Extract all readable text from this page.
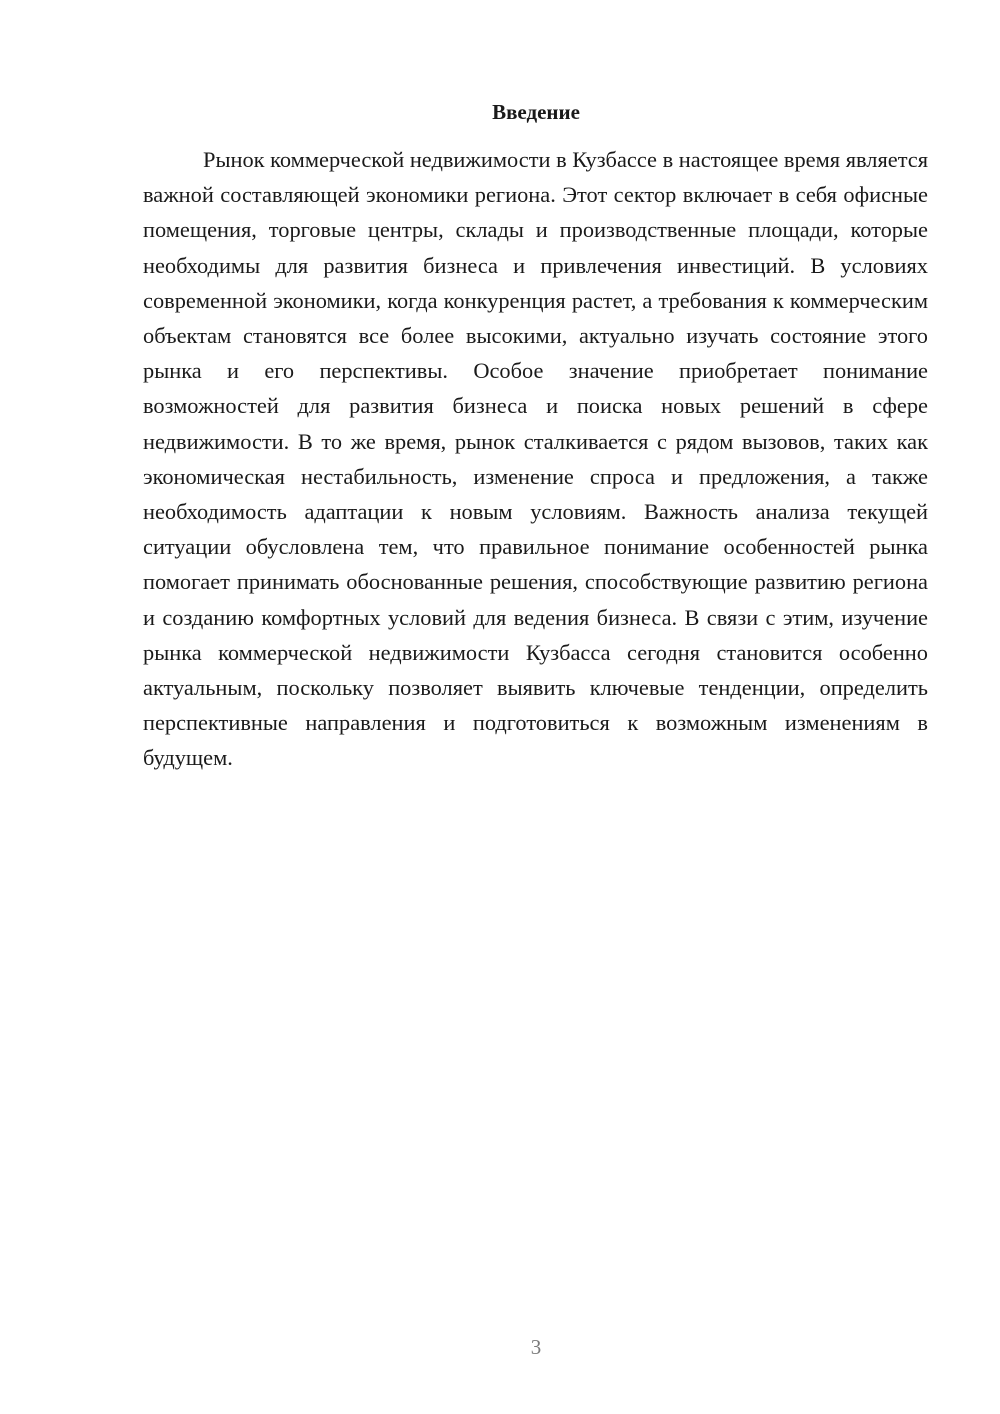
Введение

Рынок коммерческой недвижимости в Кузбассе в настоящее время является важной составляющей экономики региона. Этот сектор включает в себя офисные помещения, торговые центры, склады и производственные площади, которые необходимы для развития бизнеса и привлечения инвестиций. В условиях современной экономики, когда конкуренция растет, а требования к коммерческим объектам становятся все более высокими, актуально изучать состояние этого рынка и его перспективы. Особое значение приобретает понимание возможностей для развития бизнеса и поиска новых решений в сфере недвижимости. В то же время, рынок сталкивается с рядом вызовов, таких как экономическая нестабильность, изменение спроса и предложения, а также необходимость адаптации к новым условиям. Важность анализа текущей ситуации обусловлена тем, что правильное понимание особенностей рынка помогает принимать обоснованные решения, способствующие развитию региона и созданию комфортных условий для ведения бизнеса. В связи с этим, изучение рынка коммерческой недвижимости Кузбасса сегодня становится особенно актуальным, поскольку позволяет выявить ключевые тенденции, определить перспективные направления и подготовиться к возможным изменениям в будущем.

3
